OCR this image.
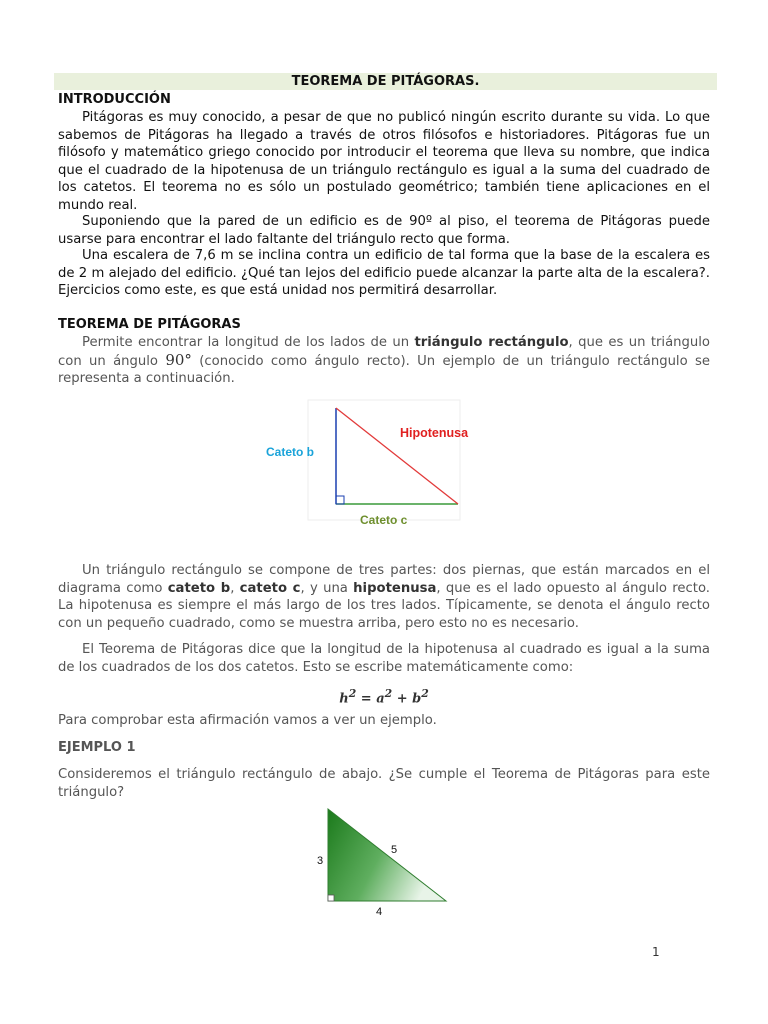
TEOREMA DE PITÁGORAS.
INTRODUCCIÓN
Pitágoras es muy conocido, a pesar de que no publicó ningún escrito durante su vida. Lo que sabemos de Pitágoras ha llegado a través de otros filósofos e historiadores. Pitágoras fue un filósofo y matemático griego conocido por introducir el teorema que lleva su nombre, que indica que el cuadrado de la hipotenusa de un triángulo rectángulo es igual a la suma del cuadrado de los catetos. El teorema no es sólo un postulado geométrico; también tiene aplicaciones en el mundo real.
Suponiendo que la pared de un edificio es de 90º al piso, el teorema de Pitágoras puede usarse para encontrar el lado faltante del triángulo recto que forma.
Una escalera de 7,6 m se inclina contra un edificio de tal forma que la base de la escalera es de 2 m alejado del edificio. ¿Qué tan lejos del edificio puede alcanzar la parte alta de la escalera?. Ejercicios como este, es que está unidad nos permitirá desarrollar.
TEOREMA DE PITÁGORAS
Permite encontrar la longitud de los lados de un triángulo rectángulo, que es un triángulo con un ángulo 90° (conocido como ángulo recto). Un ejemplo de un triángulo rectángulo se representa a continuación.
Cateto b
Cateto c
Hipotenusa
Un triángulo rectángulo se compone de tres partes: dos piernas, que están marcados en el diagrama como cateto b, cateto c, y una hipotenusa, que es el lado opuesto al ángulo recto. La hipotenusa es siempre el más largo de los tres lados. Típicamente, se denota el ángulo recto con un pequeño cuadrado, como se muestra arriba, pero esto no es necesario.
El Teorema de Pitágoras dice que la longitud de la hipotenusa al cuadrado es igual a la suma de los cuadrados de los dos catetos. Esto se escribe matemáticamente como:
$h^2 = a^2 + b^2$
Para comprobar esta afirmación vamos a ver un ejemplo.
EJEMPLO 1
Consideremos el triángulo rectángulo de abajo. ¿Se cumple el Teorema de Pitágoras para este triángulo?
3
4
5
1
